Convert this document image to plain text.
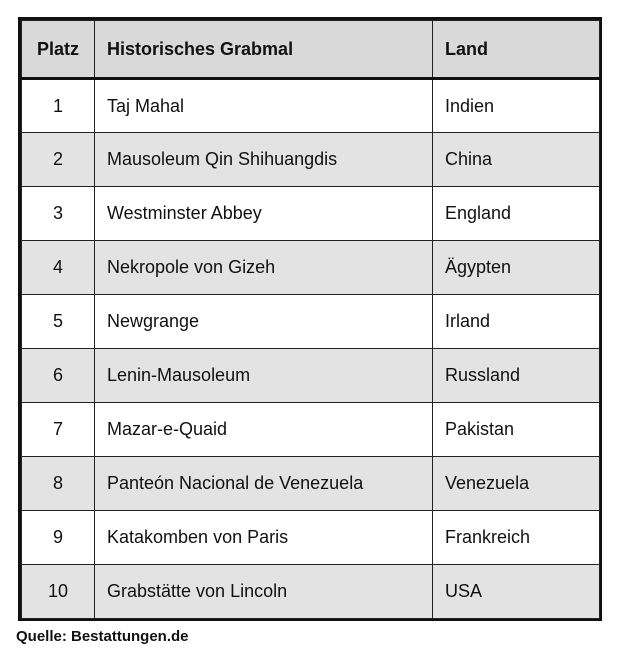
Platz	Historisches Grabmal	Land
1	Taj Mahal	Indien
2	Mausoleum Qin Shihuangdis	China
3	Westminster Abbey	England
4	Nekropole von Gizeh	Ägypten
5	Newgrange	Irland
6	Lenin-Mausoleum	Russland
7	Mazar-e-Quaid	Pakistan
8	Panteón Nacional de Venezuela	Venezuela
9	Katakomben von Paris	Frankreich
10	Grabstätte von Lincoln	USA
Quelle: Bestattungen.de
